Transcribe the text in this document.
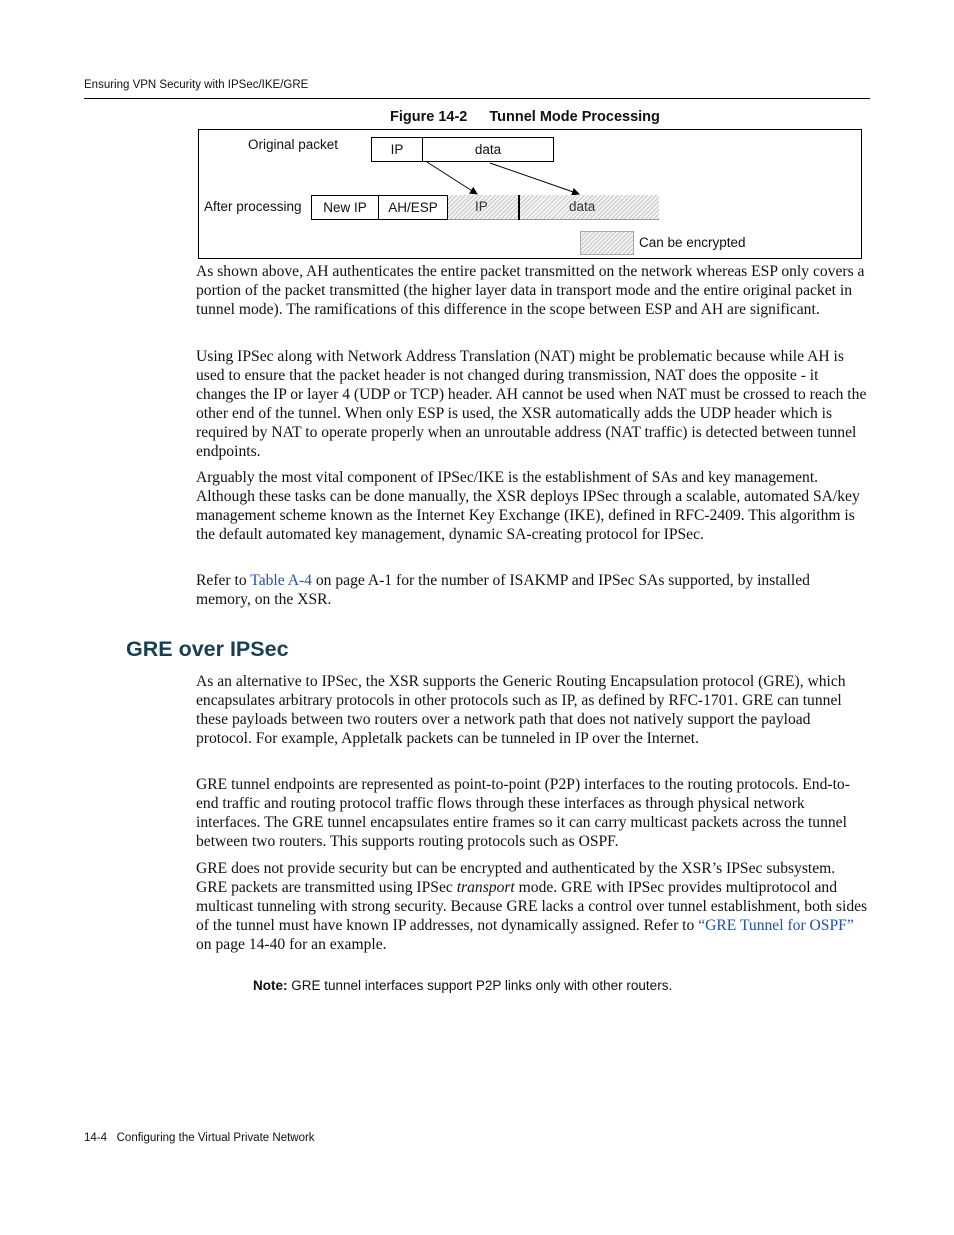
Ensuring VPN Security with IPSec/IKE/GRE
Figure 14-2 Tunnel Mode Processing
Original packet	IP	data
After processing	New IP	AH/ESP	IP	data
Can be encrypted
As shown above, AH authenticates the entire packet transmitted on the network whereas ESP only covers a portion of the packet transmitted (the higher layer data in transport mode and the entire original packet in tunnel mode). The ramifications of this difference in the scope between ESP and AH are significant.
Using IPSec along with Network Address Translation (NAT) might be problematic because while AH is used to ensure that the packet header is not changed during transmission, NAT does the opposite - it changes the IP or layer 4 (UDP or TCP) header. AH cannot be used when NAT must be crossed to reach the other end of the tunnel. When only ESP is used, the XSR automatically adds the UDP header which is required by NAT to operate properly when an unroutable address (NAT traffic) is detected between tunnel endpoints.
Arguably the most vital component of IPSec/IKE is the establishment of SAs and key management. Although these tasks can be done manually, the XSR deploys IPSec through a scalable, automated SA/key management scheme known as the Internet Key Exchange (IKE), defined in RFC-2409. This algorithm is the default automated key management, dynamic SA-creating protocol for IPSec.
Refer to Table A-4 on page A-1 for the number of ISAKMP and IPSec SAs supported, by installed memory, on the XSR.
GRE over IPSec
As an alternative to IPSec, the XSR supports the Generic Routing Encapsulation protocol (GRE), which encapsulates arbitrary protocols in other protocols such as IP, as defined by RFC-1701. GRE can tunnel these payloads between two routers over a network path that does not natively support the payload protocol. For example, Appletalk packets can be tunneled in IP over the Internet.
GRE tunnel endpoints are represented as point-to-point (P2P) interfaces to the routing protocols. End-to-end traffic and routing protocol traffic flows through these interfaces as through physical network interfaces. The GRE tunnel encapsulates entire frames so it can carry multicast packets across the tunnel between two routers. This supports routing protocols such as OSPF.
GRE does not provide security but can be encrypted and authenticated by the XSR’s IPSec subsystem. GRE packets are transmitted using IPSec transport mode. GRE with IPSec provides multiprotocol and multicast tunneling with strong security. Because GRE lacks a control over tunnel establishment, both sides of the tunnel must have known IP addresses, not dynamically assigned. Refer to “GRE Tunnel for OSPF” on page 14-40 for an example.
Note: GRE tunnel interfaces support P2P links only with other routers.
14-4 Configuring the Virtual Private Network
